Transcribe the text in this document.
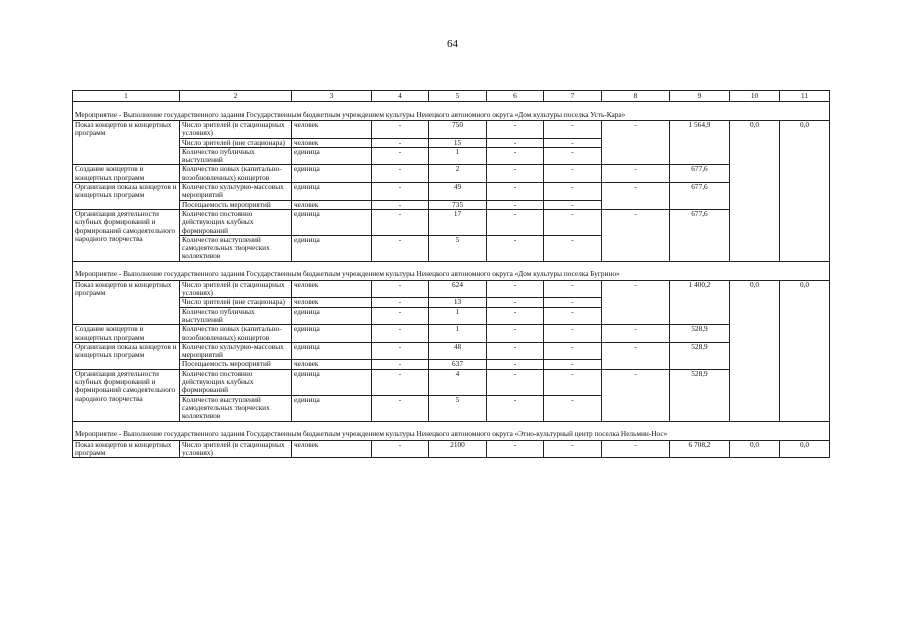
64
1	2	3	4	5	6	7	8	9	10	11
Мероприятие - Выполнение государственного задания Государственным бюджетным учреждением культуры Ненецкого автономного округа «Дом культуры поселка Усть-Кара»										
Показ концертов и концертных программ	Число зрителей (в стационарных условиях)	человек	-	750	-	-	-	1 564,9	0,0	0,0
	Число зрителей (вне стационара)	человек	-	15	-	-				
	Количество публичных выступлений	единица	-	1	-	-				
Создание концертов и концертных программ	Количество новых (капитально-возобновленных) концертов	единица	-	2	-	-	-	677,6		
Организация показа концертов и концертных программ	Количество культурно-массовых мероприятий	единица	-	49	-	-	-	677,6		
	Посещаемость мероприятий	человек	-	735	-	-				
Организация деятельности клубных формирований и формирований самодеятельного народного творчества	Количество постоянно действующих клубных формирований	единица	-	17	-	-	-	677,6		
	Количество выступлений самодеятельных творческих коллективов	единица	-	5	-	-				
Мероприятие - Выполнение государственного задания Государственным бюджетным учреждением культуры Ненецкого автономного округа «Дом культуры поселка Бугрино»										
Показ концертов и концертных программ	Число зрителей (в стационарных условиях)	человек	-	624	-	-	-	1 400,2	0,0	0,0
	Число зрителей (вне стационара)	человек	-	13	-	-				
	Количество публичных выступлений	единица	-	1	-	-				
Создание концертов и концертных программ	Количество новых (капитально-возобновленных) концертов	единица	-	1	-	-	-	528,9		
Организация показа концертов и концертных программ	Количество культурно-массовых мероприятий	единица	-	48	-	-	-	528,9		
	Посещаемость мероприятий	человек	-	637	-	-				
Организация деятельности клубных формирований и формирований самодеятельного народного творчества	Количество постоянно действующих клубных формирований	единица	-	4	-	-	-	528,9		
	Количество выступлений самодеятельных творческих коллективов	единица	-	5	-	-				
Мероприятие - Выполнение государственного задания Государственным бюджетным учреждением культуры Ненецкого автономного округа «Этно-культурный центр поселка Нельмин-Нос»										
Показ концертов и концертных программ	Число зрителей (в стационарных условиях)	человек	-	2100	-	-	-	6 708,2	0,0	0,0
